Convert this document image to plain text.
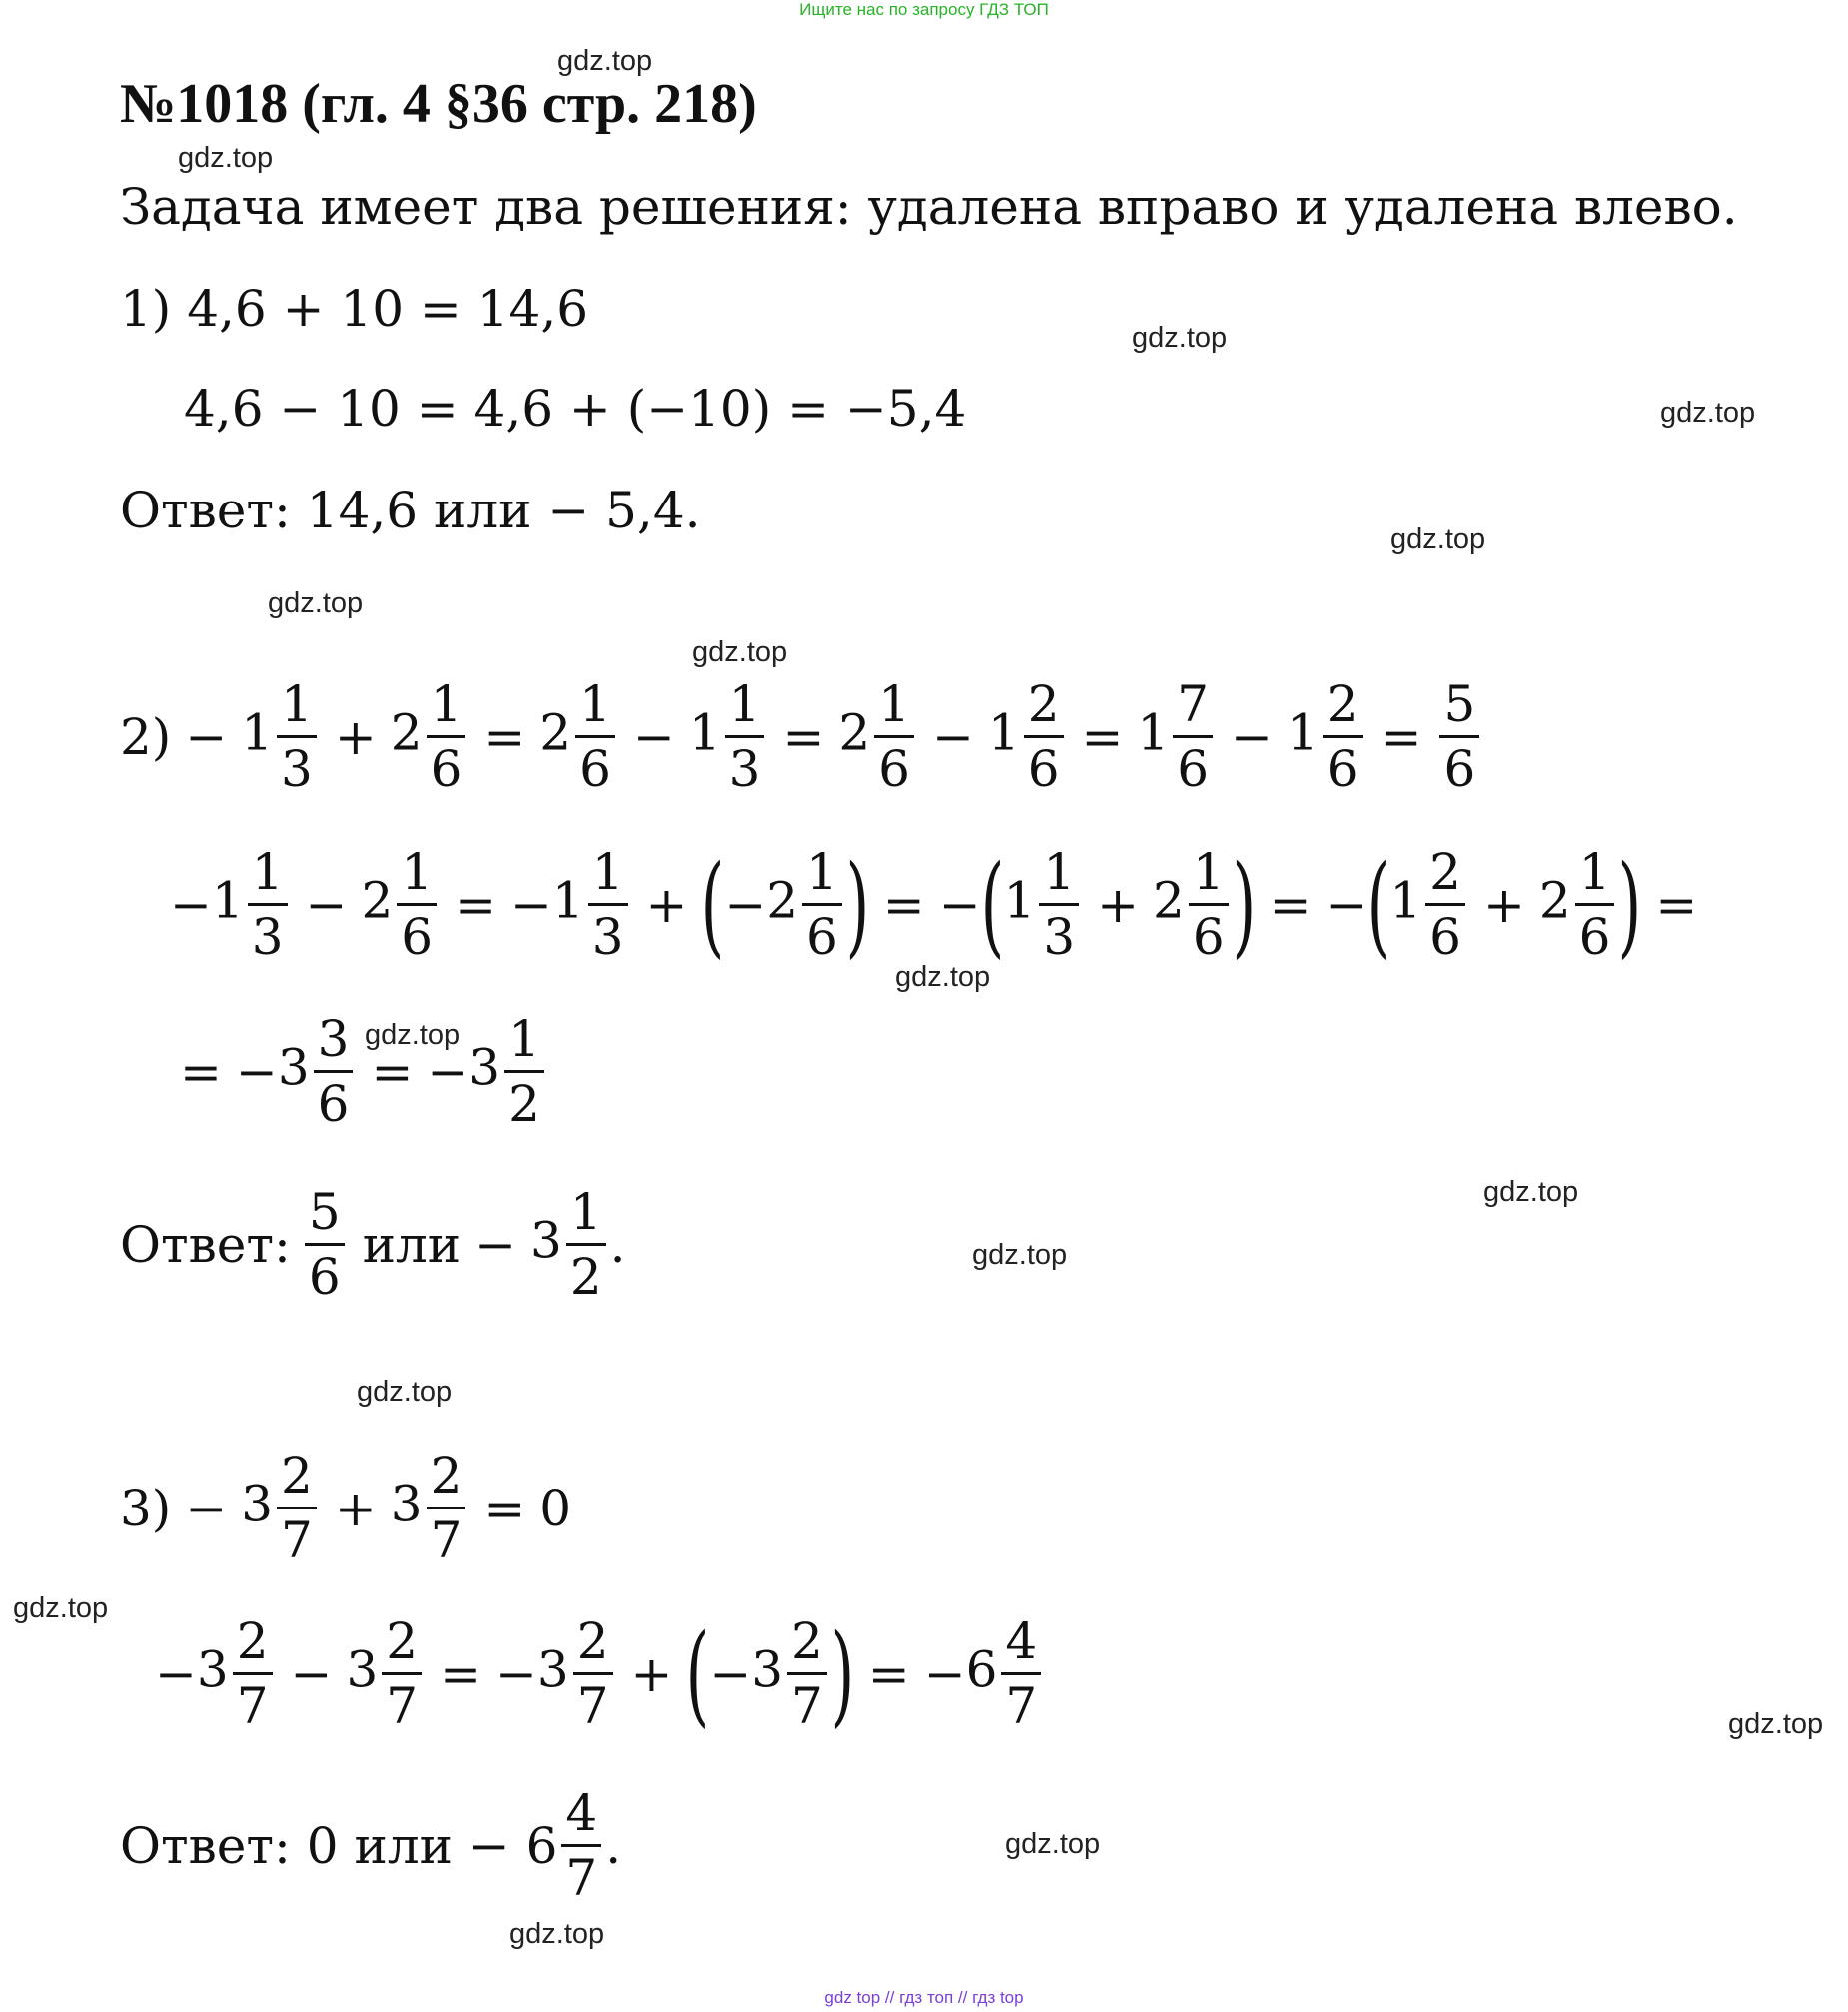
Ищите нас по запросу ГДЗ ТОП
№1018 (гл. 4 §36 стр. 218)
Задача имеет два решения: удалена вправо и удалена влево.
1) 4,6 + 10 = 14,6
4,6 − 10 = 4,6 + (−10) = −5,4
Ответ: 14,6 или − 5,4.
$2) - 1 \frac{1}{3} + 2 \frac{1}{6} = 2 \frac{1}{6} - 1 \frac{1}{3} = 2 \frac{1}{6} - 1 \frac{2}{6} = 1 \frac{7}{6} - 1 \frac{2}{6} = \frac{5}{6}$
− $1 \frac{1}{3} - 2 \frac{1}{6}$ = − $1 \frac{1}{3}$ + ( − $2 \frac{1}{6}$ ) = − ( $1 \frac{1}{3} + 2 \frac{1}{6}$ ) = − ( $1 \frac{2}{6} + 2 \frac{1}{6}$ ) =
= − $3 \frac{3}{6}$ = − $3 \frac{1}{2}$
Ответ: $\frac{5}{6}$ или − $3 \frac{1}{2}$ .
$3) - 3 \frac{2}{7} + 3 \frac{2}{7} = 0$
− $3 \frac{2}{7} - 3 \frac{2}{7}$ = − $3 \frac{2}{7}$ + ( − $3 \frac{2}{7}$ ) = − $6 \frac{4}{7}$
Ответ: 0 или − $6 \frac{4}{7}$ .
gdz.top
gdz.top
gdz.top
gdz.top
gdz.top
gdz.top
gdz.top
gdz.top
gdz.top
gdz.top
gdz.top
gdz.top
gdz.top
gdz.top
gdz.top
gdz.top
gdz top // гдз топ // гдз top
